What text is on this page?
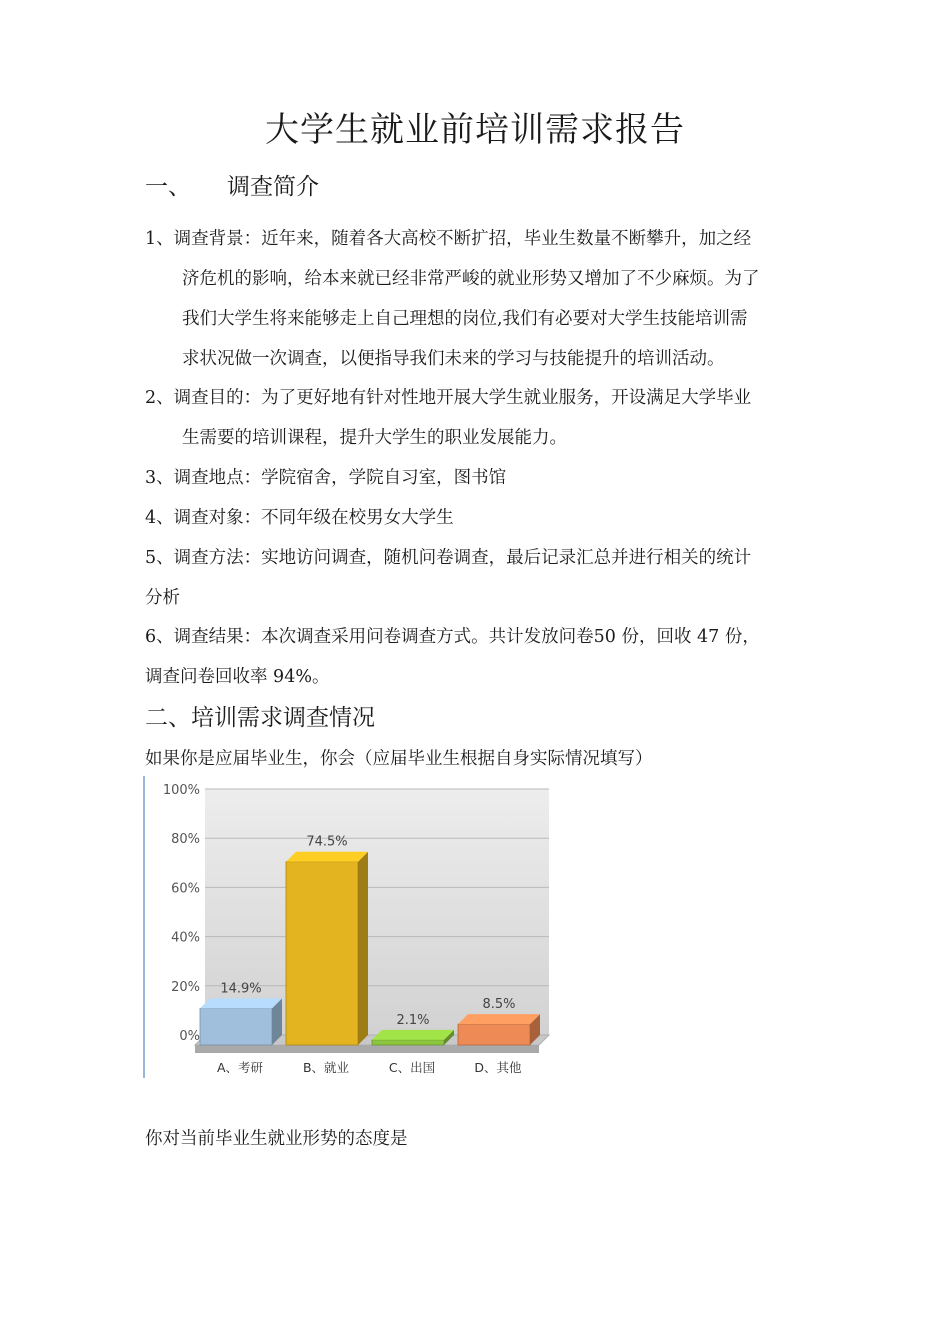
大学生就业前培训需求报告
一、 调查简介
1、调查背景：近年来，随着各大高校不断扩招，毕业生数量不断攀升，加之经
济危机的影响，给本来就已经非常严峻的就业形势又增加了不少麻烦。为了
我们大学生将来能够走上自己理想的岗位,我们有必要对大学生技能培训需
求状况做一次调查，以便指导我们未来的学习与技能提升的培训活动。
2、调查目的：为了更好地有针对性地开展大学生就业服务，开设满足大学毕业
生需要的培训课程，提升大学生的职业发展能力。
3、调查地点：学院宿舍，学院自习室，图书馆
4、调查对象：不同年级在校男女大学生
5、调查方法：实地访问调查，随机问卷调查，最后记录汇总并进行相关的统计
分析
6、调查结果：本次调查采用问卷调查方式。共计发放问卷50 份，回收 47 份，
调查问卷回收率 94%。
二、培训需求调查情况

如果你是应届毕业生，你会（应届毕业生根据自身实际情况填写）

0%
20%
40%
60%
80%
100%
14.9%
A、考研
74.5%
B、就业
2.1%
C、出国
8.5%
D、其他

你对当前毕业生就业形势的态度是
